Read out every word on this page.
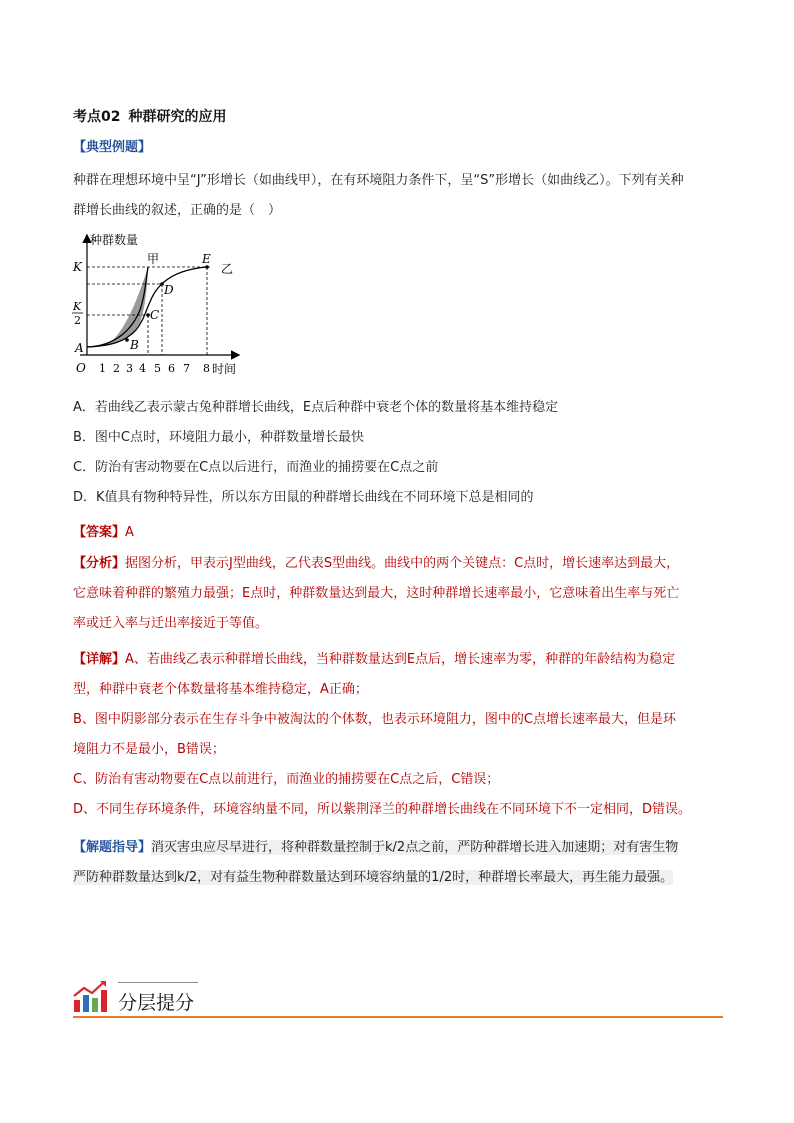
考点02 种群研究的应用
【典型例题】
种群在理想环境中呈“J”形增长（如曲线甲），在有环境阻力条件下，呈“S”形增长（如曲线乙）。下列有关种
群增长曲线的叙述，正确的是（　）
种群数量
时间
甲
乙
K
K
2
A	B
C
D
E
O 1 2 3 4 5 6 7 8
A．若曲线乙表示蒙古兔种群增长曲线，E点后种群中衰老个体的数量将基本维持稳定
B．图中C点时，环境阻力最小，种群数量增长最快
C．防治有害动物要在C点以后进行，而渔业的捕捞要在C点之前
D．K值具有物种特异性，所以东方田鼠的种群增长曲线在不同环境下总是相同的
【答案】A
【分析】据图分析，甲表示J型曲线，乙代表S型曲线。曲线中的两个关键点：C点时，增长速率达到最大，
它意味着种群的繁殖力最强；E点时，种群数量达到最大，这时种群增长速率最小，它意味着出生率与死亡
率或迁入率与迁出率接近于等值。
【详解】A、若曲线乙表示种群增长曲线，当种群数量达到E点后，增长速率为零，种群的年龄结构为稳定
型，种群中衰老个体数量将基本维持稳定，A正确；
B、图中阴影部分表示在生存斗争中被淘汰的个体数，也表示环境阻力，图中的C点增长速率最大，但是环
境阻力不是最小，B错误；
C、防治有害动物要在C点以前进行，而渔业的捕捞要在C点之后，C错误；
D、不同生存环境条件，环境容纳量不同，所以紫荆泽兰的种群增长曲线在不同环境下不一定相同，D错误。
【解题指导】消灭害虫应尽早进行，将种群数量控制于k/2点之前，严防种群增长进入加速期；对有害生物
严防种群数量达到k/2，对有益生物种群数量达到环境容纳量的1/2时，种群增长率最大，再生能力最强。
分层提分
